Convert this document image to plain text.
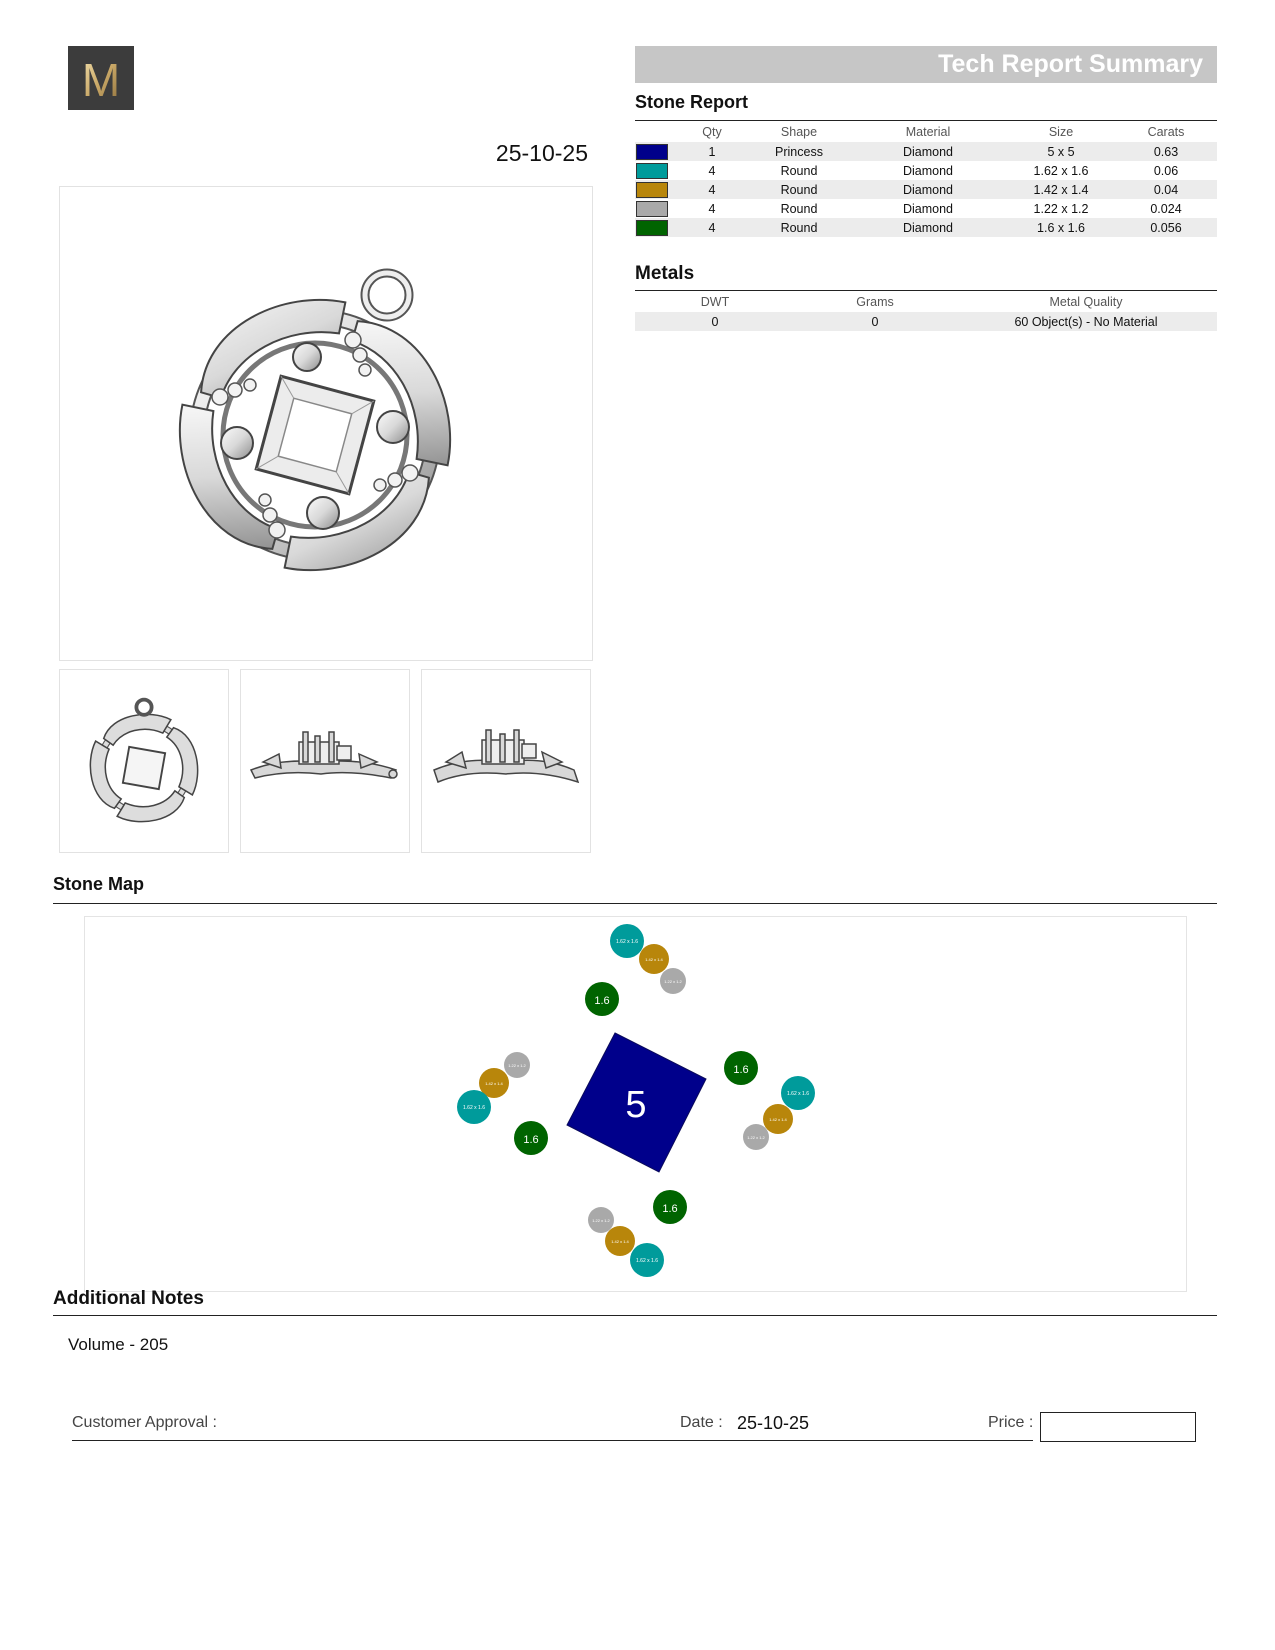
M	Tech Report Summary
25-10-25
Stone Report
	Qty	Shape	Material	Size	Carats

	1	Princess	Diamond	5 x 5	0.63

	4	Round	Diamond	1.62 x 1.6	0.06

	4	Round	Diamond	1.42 x 1.4	0.04

	4	Round	Diamond	1.22 x 1.2	0.024

	4	Round	Diamond	1.6 x 1.6	0.056
Metals
DWT	Grams	Metal Quality
0	0	60 Object(s) - No Material
Stone Map
5
1.6
1.6
1.6
1.6
1.62 x 1.6
1.42 x 1.4
1.22 x 1.2
1.22 x 1.2
1.42 x 1.4
1.62 x 1.6
1.62 x 1.6
1.42 x 1.4
1.22 x 1.2
1.22 x 1.2
1.42 x 1.4
1.62 x 1.6
Additional Notes
Volume - 205
Customer Approval :	Date : 25-10-25	Price :
